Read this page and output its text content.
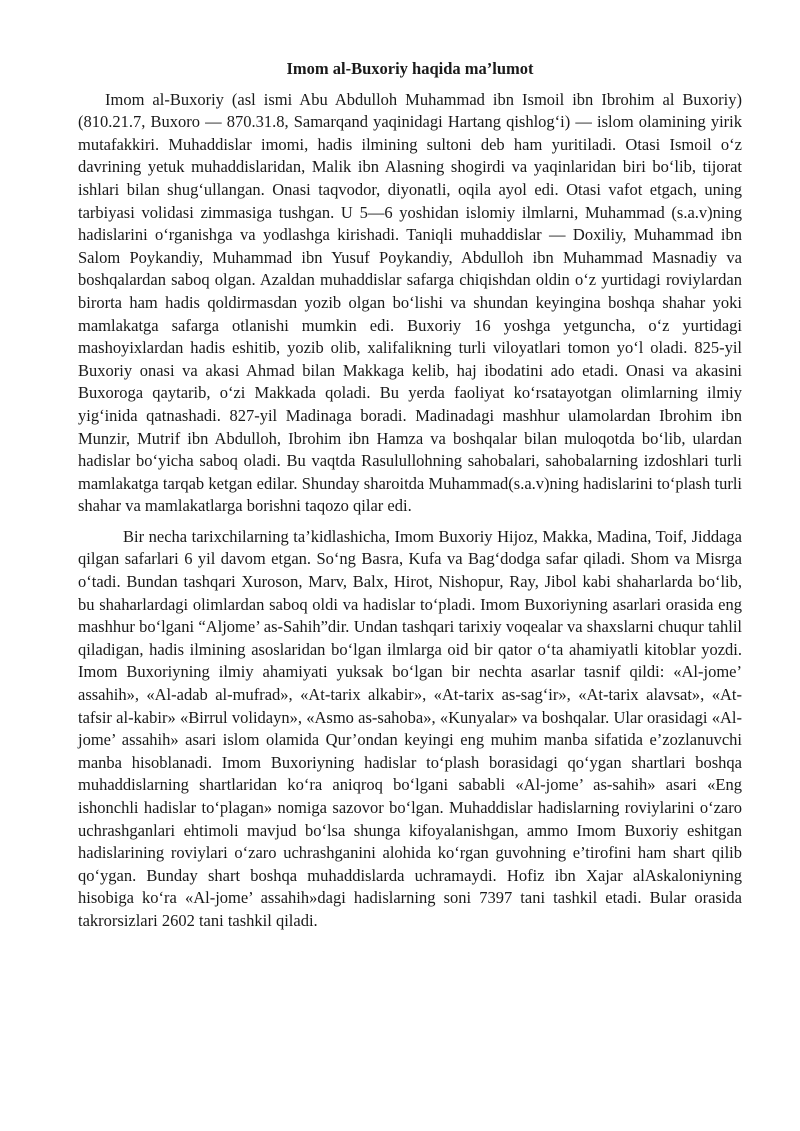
Imom al-Buxoriy haqida ma’lumot

Imom al-Buxoriy (asl ismi Abu Abdulloh Muhammad ibn Ismoil ibn Ibrohim al Buxoriy) (810.21.7, Buxoro — 870.31.8, Samarqand yaqinidagi Hartang qishlog‘i) — islom olamining yirik mutafakkiri. Muhaddislar imomi, hadis ilmining sultoni deb ham yuritiladi. Otasi Ismoil o‘z davrining yetuk muhaddislaridan, Malik ibn Alasning shogirdi va yaqinlaridan biri bo‘lib, tijorat ishlari bilan shug‘ullangan. Onasi taqvodor, diyonatli, oqila ayol edi. Otasi vafot etgach, uning tarbiyasi volidasi zimmasiga tushgan. U 5—6 yoshidan islomiy ilmlarni, Muhammad (s.a.v)ning hadislarini o‘rganishga va yodlashga kirishadi. Taniqli muhaddislar — Doxiliy, Muhammad ibn Salom Poykandiy, Muhammad ibn Yusuf Poykandiy, Abdulloh ibn Muhammad Masnadiy va boshqalardan saboq olgan. Azaldan muhaddislar safarga chiqishdan oldin o‘z yurtidagi roviylardan birorta ham hadis qoldirmasdan yozib olgan bo‘lishi va shundan keyingina boshqa shahar yoki mamlakatga safarga otlanishi mumkin edi. Buxoriy 16 yoshga yetguncha, o‘z yurtidagi mashoyixlardan hadis eshitib, yozib olib, xalifalikning turli viloyatlari tomon yo‘l oladi. 825-yil Buxoriy onasi va akasi Ahmad bilan Makkaga kelib, haj ibodatini ado etadi. Onasi va akasini Buxoroga qaytarib, o‘zi Makkada qoladi. Bu yerda faoliyat ko‘rsatayotgan olimlarning ilmiy yig‘inida qatnashadi. 827-yil Madinaga boradi. Madinadagi mashhur ulamolardan Ibrohim ibn Munzir, Mutrif ibn Abdulloh, Ibrohim ibn Hamza va boshqalar bilan muloqotda bo‘lib, ulardan hadislar bo‘yicha saboq oladi. Bu vaqtda Rasulullohning sahobalari, sahobalarning izdoshlari turli mamlakatga tarqab ketgan edilar. Shunday sharoitda Muhammad(s.a.v)ning hadislarini to‘plash turli shahar va mamlakatlarga borishni taqozo qilar edi.

Bir necha tarixchilarning ta’kidlashicha, Imom Buxoriy Hijoz, Makka, Madina, Toif, Jiddaga qilgan safarlari 6 yil davom etgan. So‘ng Basra, Kufa va Bag‘dodga safar qiladi. Shom va Misrga o‘tadi. Bundan tashqari Xuroson, Marv, Balx, Hirot, Nishopur, Ray, Jibol kabi shaharlarda bo‘lib, bu shaharlardagi olimlardan saboq oldi va hadislar to‘pladi. Imom Buxoriyning asarlari orasida eng mashhur bo‘lgani “Aljome’ as-Sahih”dir. Undan tashqari tarixiy voqealar va shaxslarni chuqur tahlil qiladigan, hadis ilmining asoslaridan bo‘lgan ilmlarga oid bir qator o‘ta ahamiyatli kitoblar yozdi. Imom Buxoriyning ilmiy ahamiyati yuksak bo‘lgan bir nechta asarlar tasnif qildi: «Al-jome’ assahih», «Al-adab al-mufrad», «At-tarix alkabir», «At-tarix as-sag‘ir», «At-tarix alavsat», «At-tafsir al-kabir» «Birrul volidayn», «Asmo as-sahoba», «Kunyalar» va boshqalar. Ular orasidagi «Al-jome’ assahih» asari islom olamida Qur’ondan keyingi eng muhim manba sifatida e’zozlanuvchi manba hisoblanadi. Imom Buxoriyning hadislar to‘plash borasidagi qo‘ygan shartlari boshqa muhaddislarning shartlaridan ko‘ra aniqroq bo‘lgani sababli «Al-jome’ as-sahih» asari «Eng ishonchli hadislar to‘plagan» nomiga sazovor bo‘lgan. Muhaddislar hadislarning roviylarini o‘zaro uchrashganlari ehtimoli mavjud bo‘lsa shunga kifoyalanishgan, ammo Imom Buxoriy eshitgan hadislarining roviylari o‘zaro uchrashganini alohida ko‘rgan guvohning e’tirofini ham shart qilib qo‘ygan. Bunday shart boshqa muhaddislarda uchramaydi. Hofiz ibn Xajar alAskaloniyning hisobiga ko‘ra «Al-jome’ assahih»dagi hadislarning soni 7397 tani tashkil etadi. Bular orasida takrorsizlari 2602 tani tashkil qiladi.
